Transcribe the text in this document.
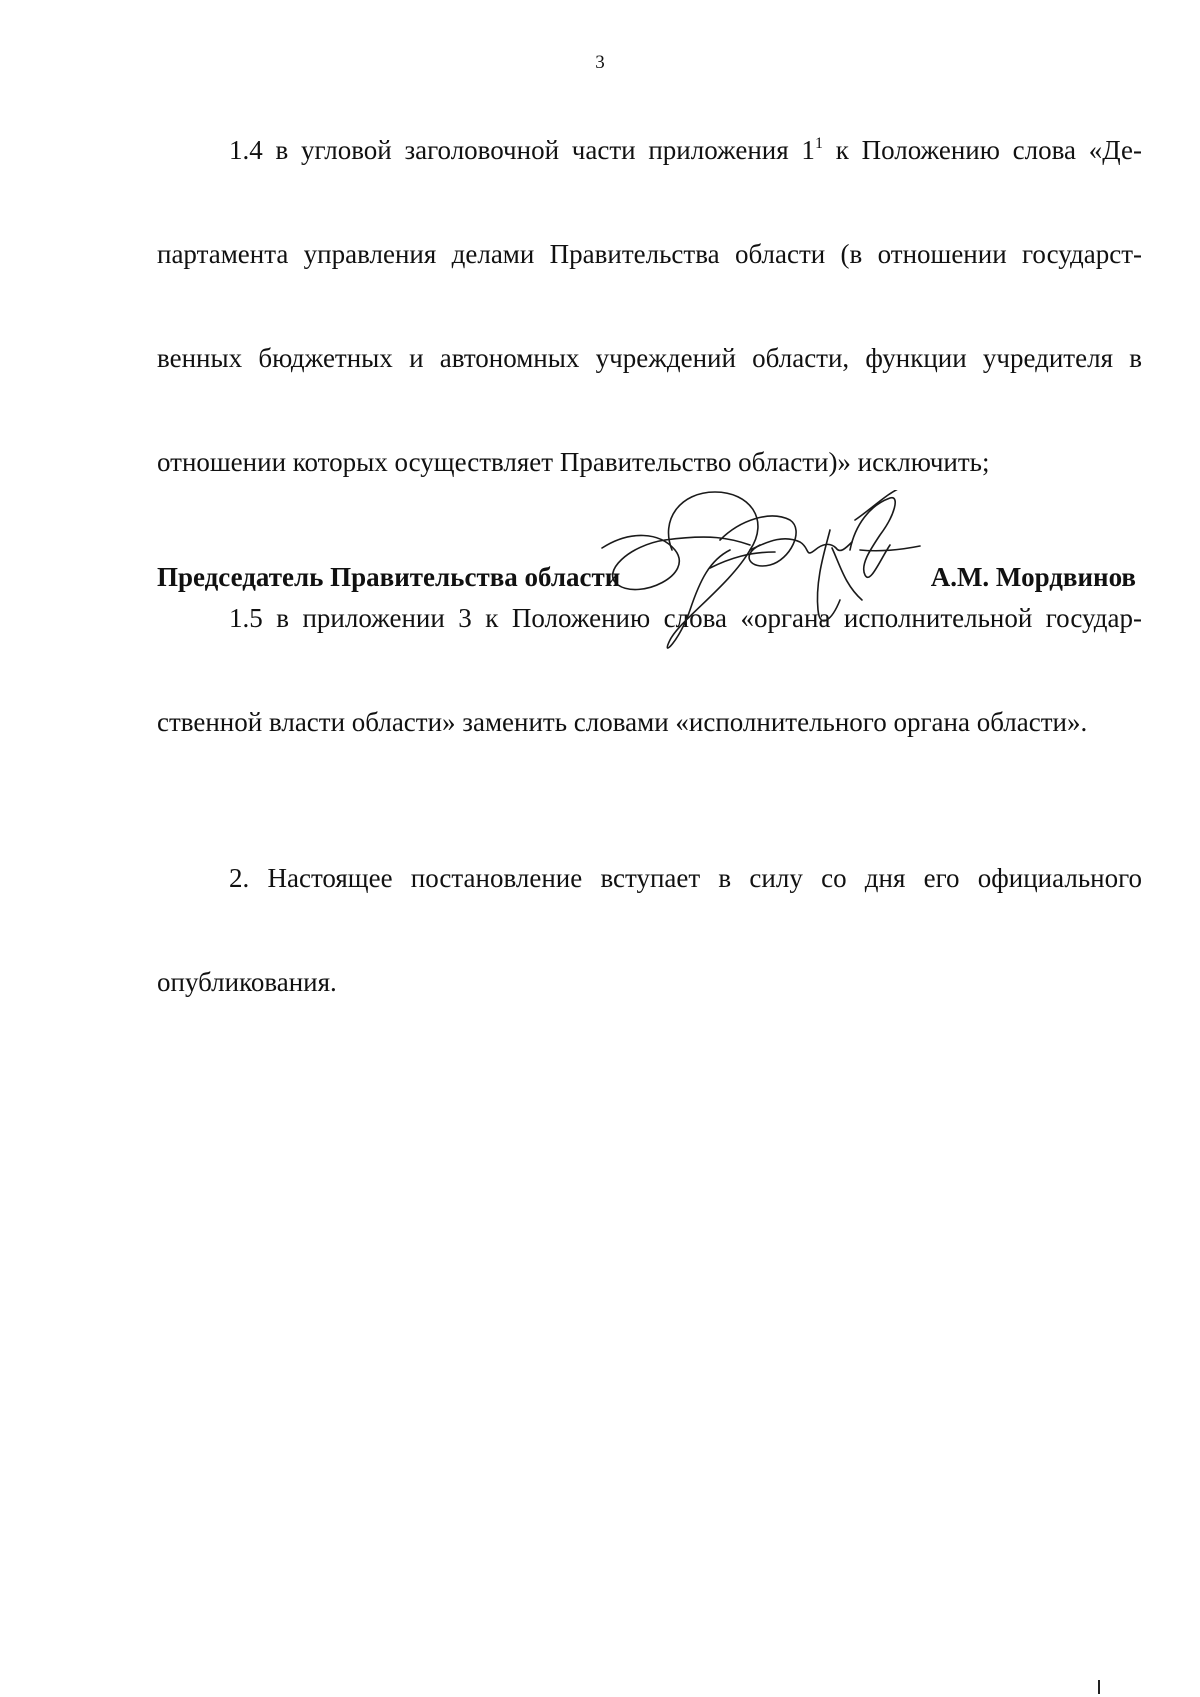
3

1.4 в угловой заголовочной части приложения $1^1$ к Положению слова «Де-

партамента управления делами Правительства области (в отношении государст-

венных бюджетных и автономных учреждений области, функции учредителя в

отношении которых осуществляет Правительство области)» исключить;

1.5 в приложении 3 к Положению слова «органа исполнительной государ-

ственной власти области» заменить словами «исполнительного органа области».

2. Настоящее постановление вступает в силу со дня его официального

опубликования.

Председатель Правительства области	А.М. Мордвинов
